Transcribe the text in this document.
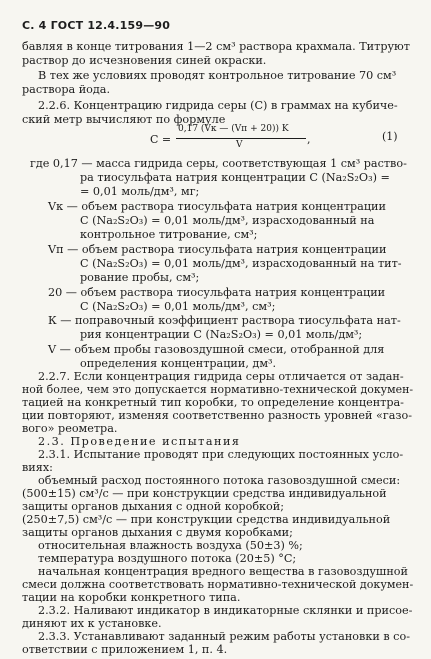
С. 4 ГОСТ 12.4.159—90
бавляя в конце титрования 1—2 см³ раствора крахмала. Титруют
раствор до исчезновения синей окраски.
В тех же условиях проводят контрольное титрование 70 см³
раствора йода.
2.2.6. Концентрацию гидрида серы (С) в граммах на кубиче-
ский метр вычисляют по формуле
C =
0,17 (Vк — (Vп + 20)) K
V	,	(1)
где 0,17 — масса гидрида серы, соответствующая 1 см³ раство-
ра тиосульфата натрия концентрации С (Na₂S₂O₃) =
= 0,01 моль/дм³, мг;
Vк — объем раствора тиосульфата натрия концентрации
С (Na₂S₂O₃) = 0,01 моль/дм³, израсходованный на
контрольное титрование, см³;
Vп — объем раствора тиосульфата натрия концентрации
С (Na₂S₂O₃) = 0,01 моль/дм³, израсходованный на тит-
рование пробы, см³;
20 — объем раствора тиосульфата натрия концентрации
С (Na₂S₂O₃) = 0,01 моль/дм³, см³;
К — поправочный коэффициент раствора тиосульфата нат-
рия концентрации С (Na₂S₂O₃) = 0,01 моль/дм³;
V — объем пробы газовоздушной смеси, отобранной для
определения концентрации, дм³.
2.2.7. Если концентрация гидрида серы отличается от задан-
ной более, чем это допускается нормативно-технической докумен-
тацией на конкретный тип коробки, то определение концентра-
ции повторяют, изменяя соответственно разность уровней «газо-
вого» реометра.
2.3. Проведение испытания
2.3.1. Испытание проводят при следующих постоянных усло-
виях:
объемный расход постоянного потока газовоздушной смеси:
(500±15) см³/с — при конструкции средства индивидуальной
защиты органов дыхания с одной коробкой;
(250±7,5) см³/с — при конструкции средства индивидуальной
защиты органов дыхания с двумя коробками;
относительная влажность воздуха (50±3) %;
температура воздушного потока (20±5) °С;
начальная концентрация вредного вещества в газовоздушной
смеси должна соответствовать нормативно-технической докумен-
тации на коробки конкретного типа.
2.3.2. Наливают индикатор в индикаторные склянки и присое-
диняют их к установке.
2.3.3. Устанавливают заданный режим работы установки в со-
ответствии с приложением 1, п. 4.
